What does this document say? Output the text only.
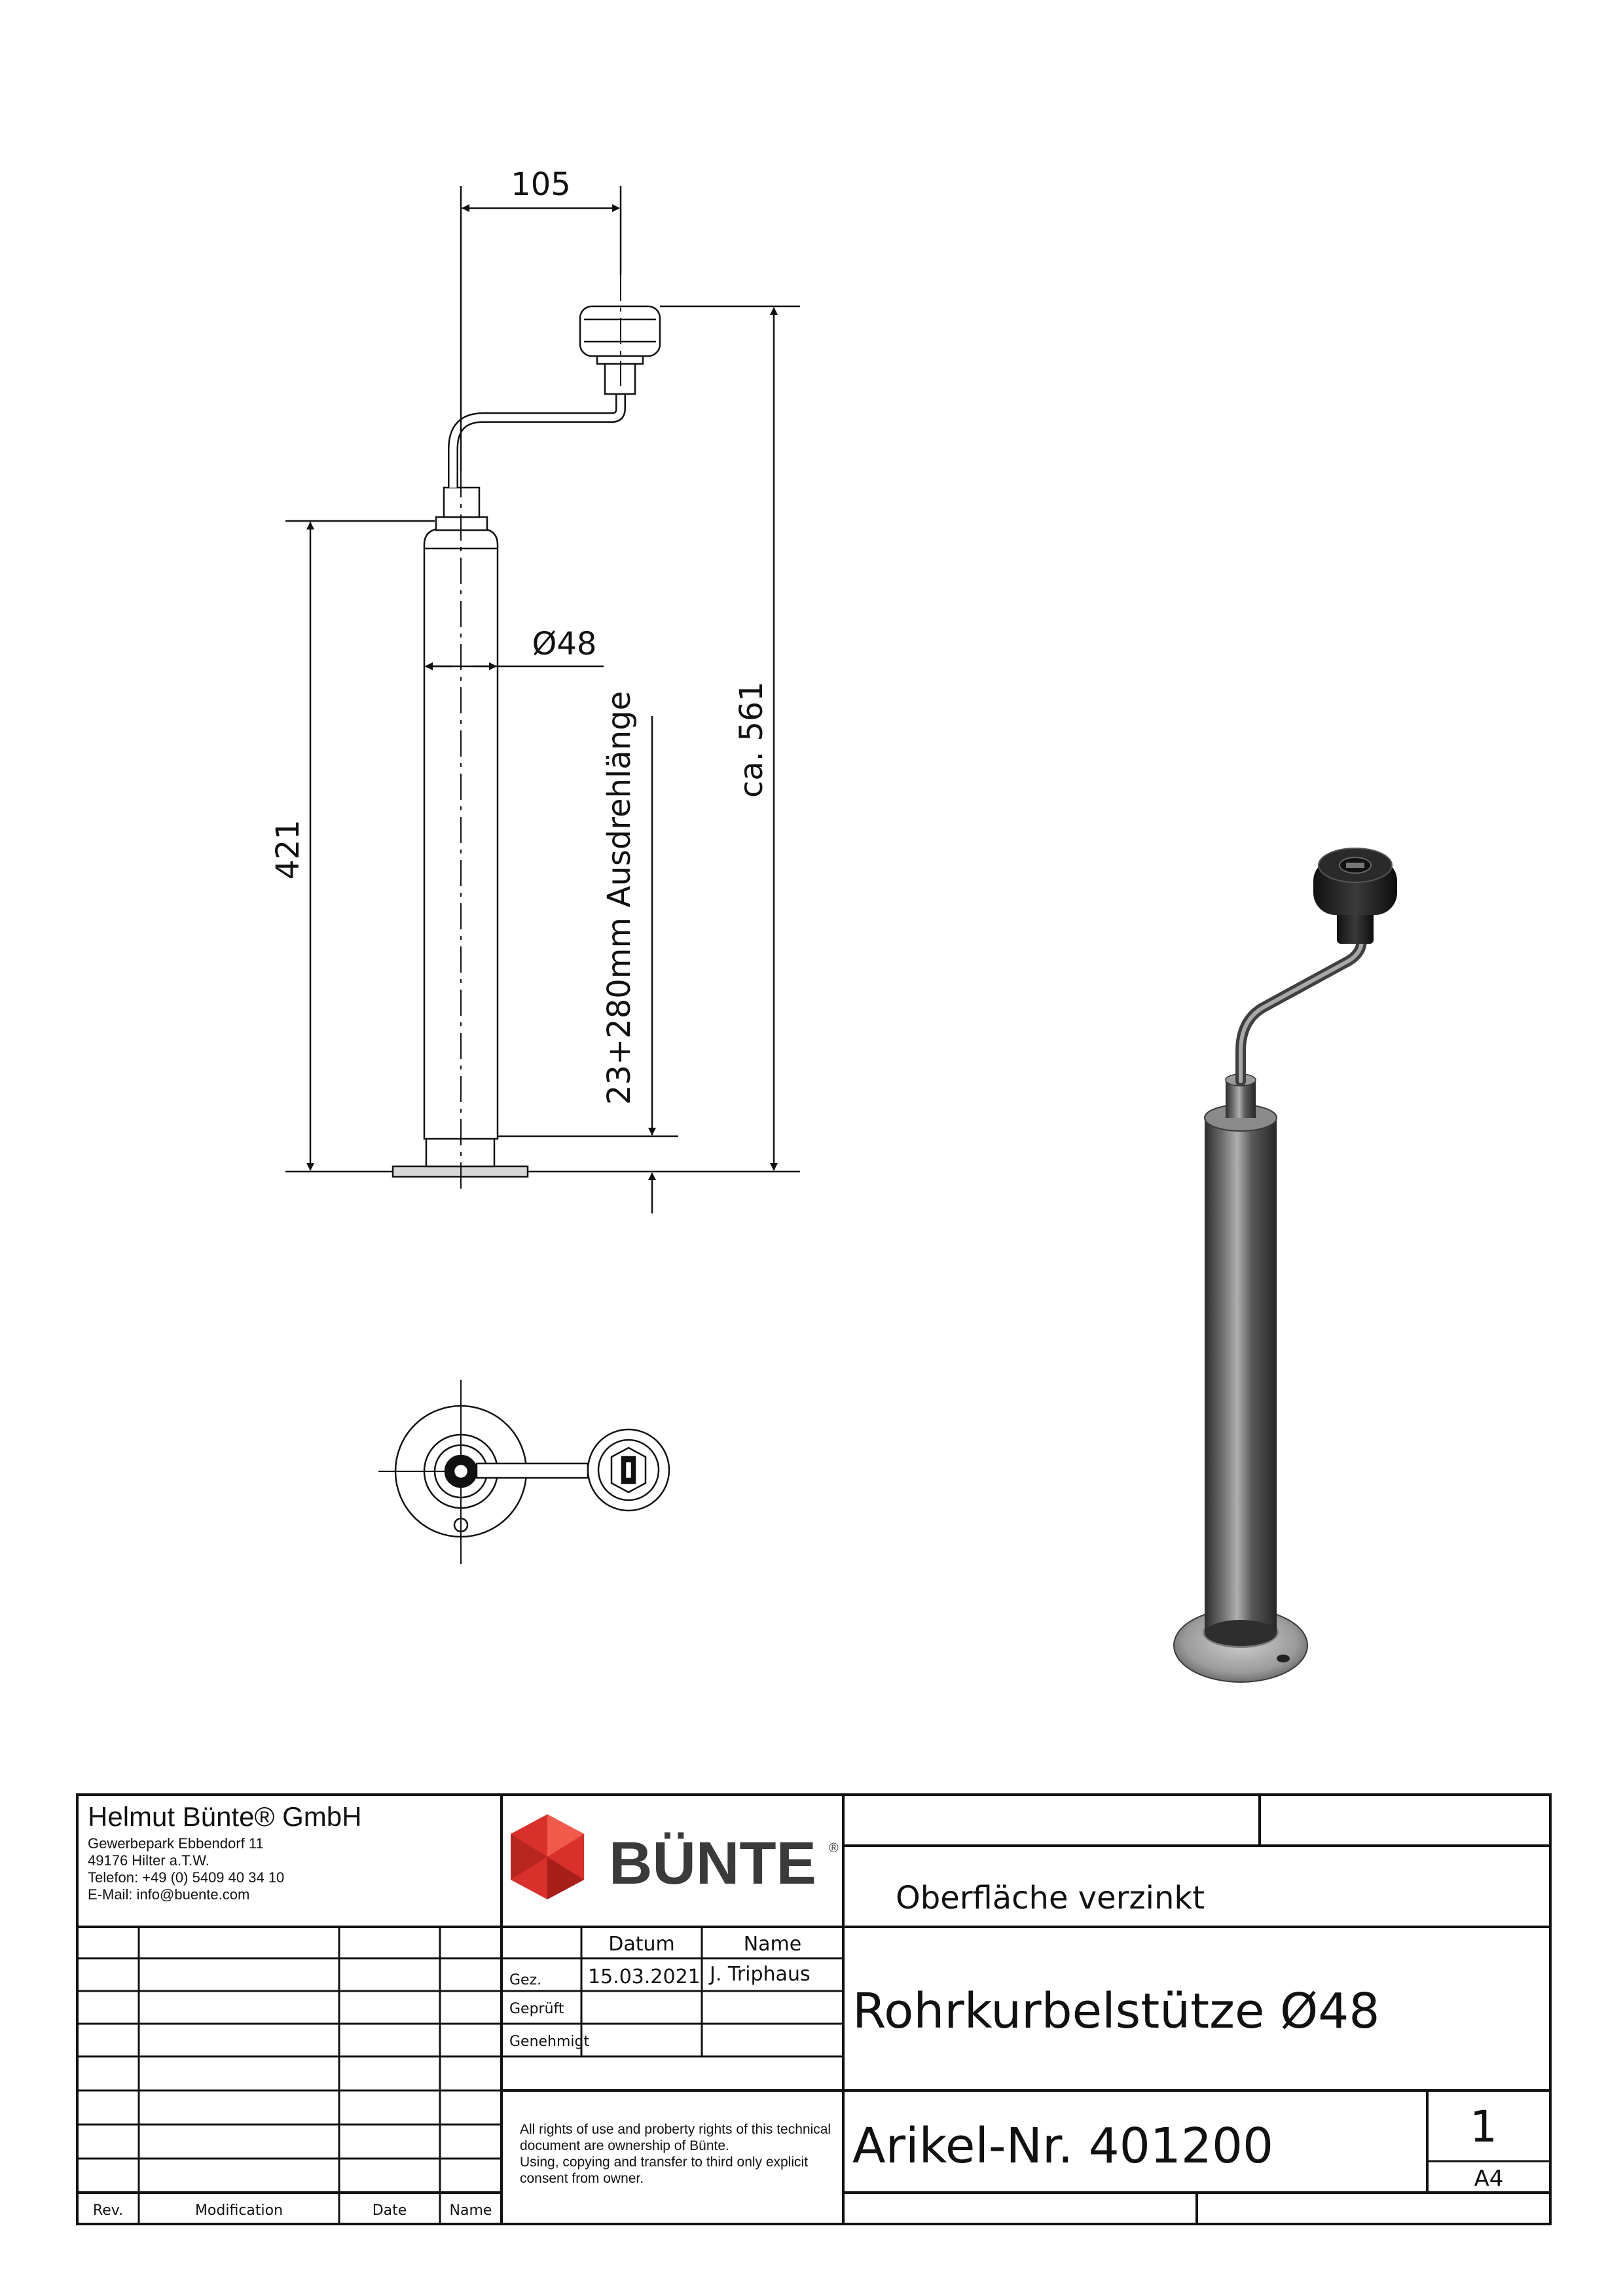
105
ca. 561
421
Ø48
23+280mm Ausdrehlänge
Helmut Bünte® GmbH
Gewerbepark Ebbendorf 11
49176 Hilter a.T.W.
Telefon: +49 (0) 5409 40 34 10
E-Mail: info@buente.com	BÜNTE ®
Oberfläche verzinkt
Datum	Name
Gez. 15.03.2021 J. Triphaus
Geprüft
Genehmigt
Rohrkurbelstütze Ø48
All rights of use and proberty rights of this technical
document are ownership of Bünte.
Using, copying and transfer to third only explicit
consent from owner.
Arikel-Nr. 401200	1
A4
Rev.	Modification	Date	Name
